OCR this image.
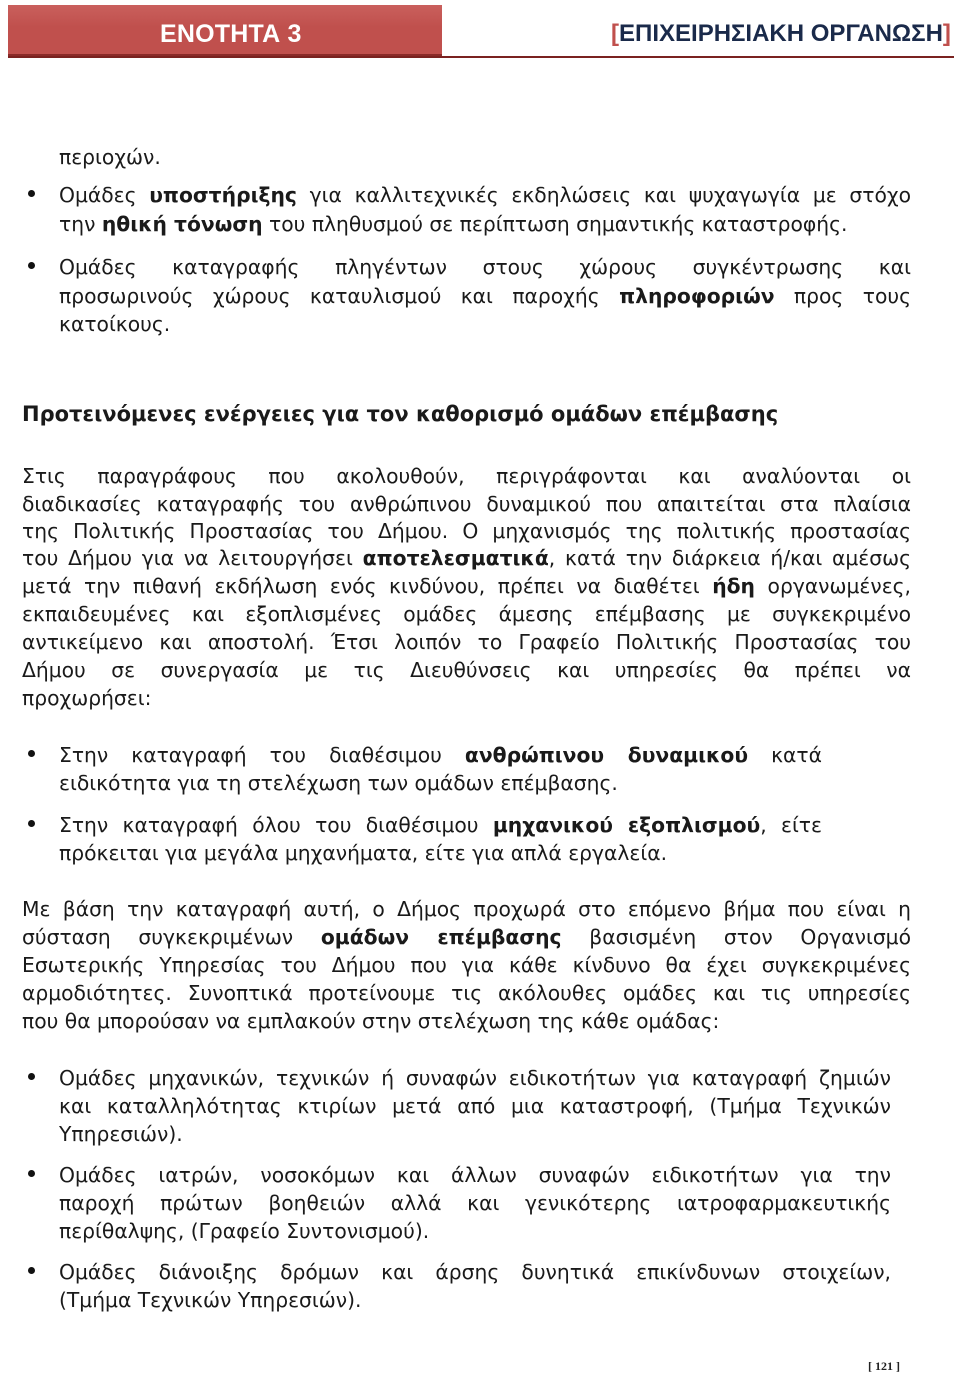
ΕΝΟΤΗΤΑ 3	[ΕΠΙΧΕΙΡΗΣΙΑΚΗ ΟΡΓΑΝΩΣΗ]
περιοχών.
Ομάδες υποστήριξης για καλλιτεχνικές εκδηλώσεις και ψυχαγωγία με στόχο
την ηθική τόνωση του πληθυσμού σε περίπτωση σημαντικής καταστροφής.
Ομάδες καταγραφής πληγέντων στους χώρους συγκέντρωσης και
προσωρινούς χώρους καταυλισμού και παροχής πληροφοριών προς τους
κατοίκους.
Προτεινόμενες ενέργειες για τον καθορισμό ομάδων επέμβασης
Στις παραγράφους που ακολουθούν, περιγράφονται και αναλύονται οι
διαδικασίες καταγραφής του ανθρώπινου δυναμικού που απαιτείται στα πλαίσια
της Πολιτικής Προστασίας του Δήμου. Ο μηχανισμός της πολιτικής προστασίας
του Δήμου για να λειτουργήσει αποτελεσματικά, κατά την διάρκεια ή/και αμέσως
μετά την πιθανή εκδήλωση ενός κινδύνου, πρέπει να διαθέτει ήδη οργανωμένες,
εκπαιδευμένες και εξοπλισμένες ομάδες άμεσης επέμβασης με συγκεκριμένο
αντικείμενο και αποστολή. Έτσι λοιπόν το Γραφείο Πολιτικής Προστασίας του
Δήμου σε συνεργασία με τις Διευθύνσεις και υπηρεσίες θα πρέπει να
προχωρήσει:
Στην καταγραφή του διαθέσιμου ανθρώπινου δυναμικού κατά
ειδικότητα για τη στελέχωση των ομάδων επέμβασης.
Στην καταγραφή όλου του διαθέσιμου μηχανικού εξοπλισμού, είτε
πρόκειται για μεγάλα μηχανήματα, είτε για απλά εργαλεία.
Με βάση την καταγραφή αυτή, ο Δήμος προχωρά στο επόμενο βήμα που είναι η
σύσταση συγκεκριμένων ομάδων επέμβασης βασισμένη στον Οργανισμό
Εσωτερικής Υπηρεσίας του Δήμου που για κάθε κίνδυνο θα έχει συγκεκριμένες
αρμοδιότητες. Συνοπτικά προτείνουμε τις ακόλουθες ομάδες και τις υπηρεσίες
που θα μπορούσαν να εμπλακούν στην στελέχωση της κάθε ομάδας:
Ομάδες μηχανικών, τεχνικών ή συναφών ειδικοτήτων για καταγραφή ζημιών
και καταλληλότητας κτιρίων μετά από μια καταστροφή, (Τμήμα Τεχνικών
Υπηρεσιών).
Ομάδες ιατρών, νοσοκόμων και άλλων συναφών ειδικοτήτων για την
παροχή πρώτων βοηθειών αλλά και γενικότερης ιατροφαρμακευτικής
περίθαλψης, (Γραφείο Συντονισμού).
Ομάδες διάνοιξης δρόμων και άρσης δυνητικά επικίνδυνων στοιχείων,
(Τμήμα Τεχνικών Υπηρεσιών).
[ 121 ]
